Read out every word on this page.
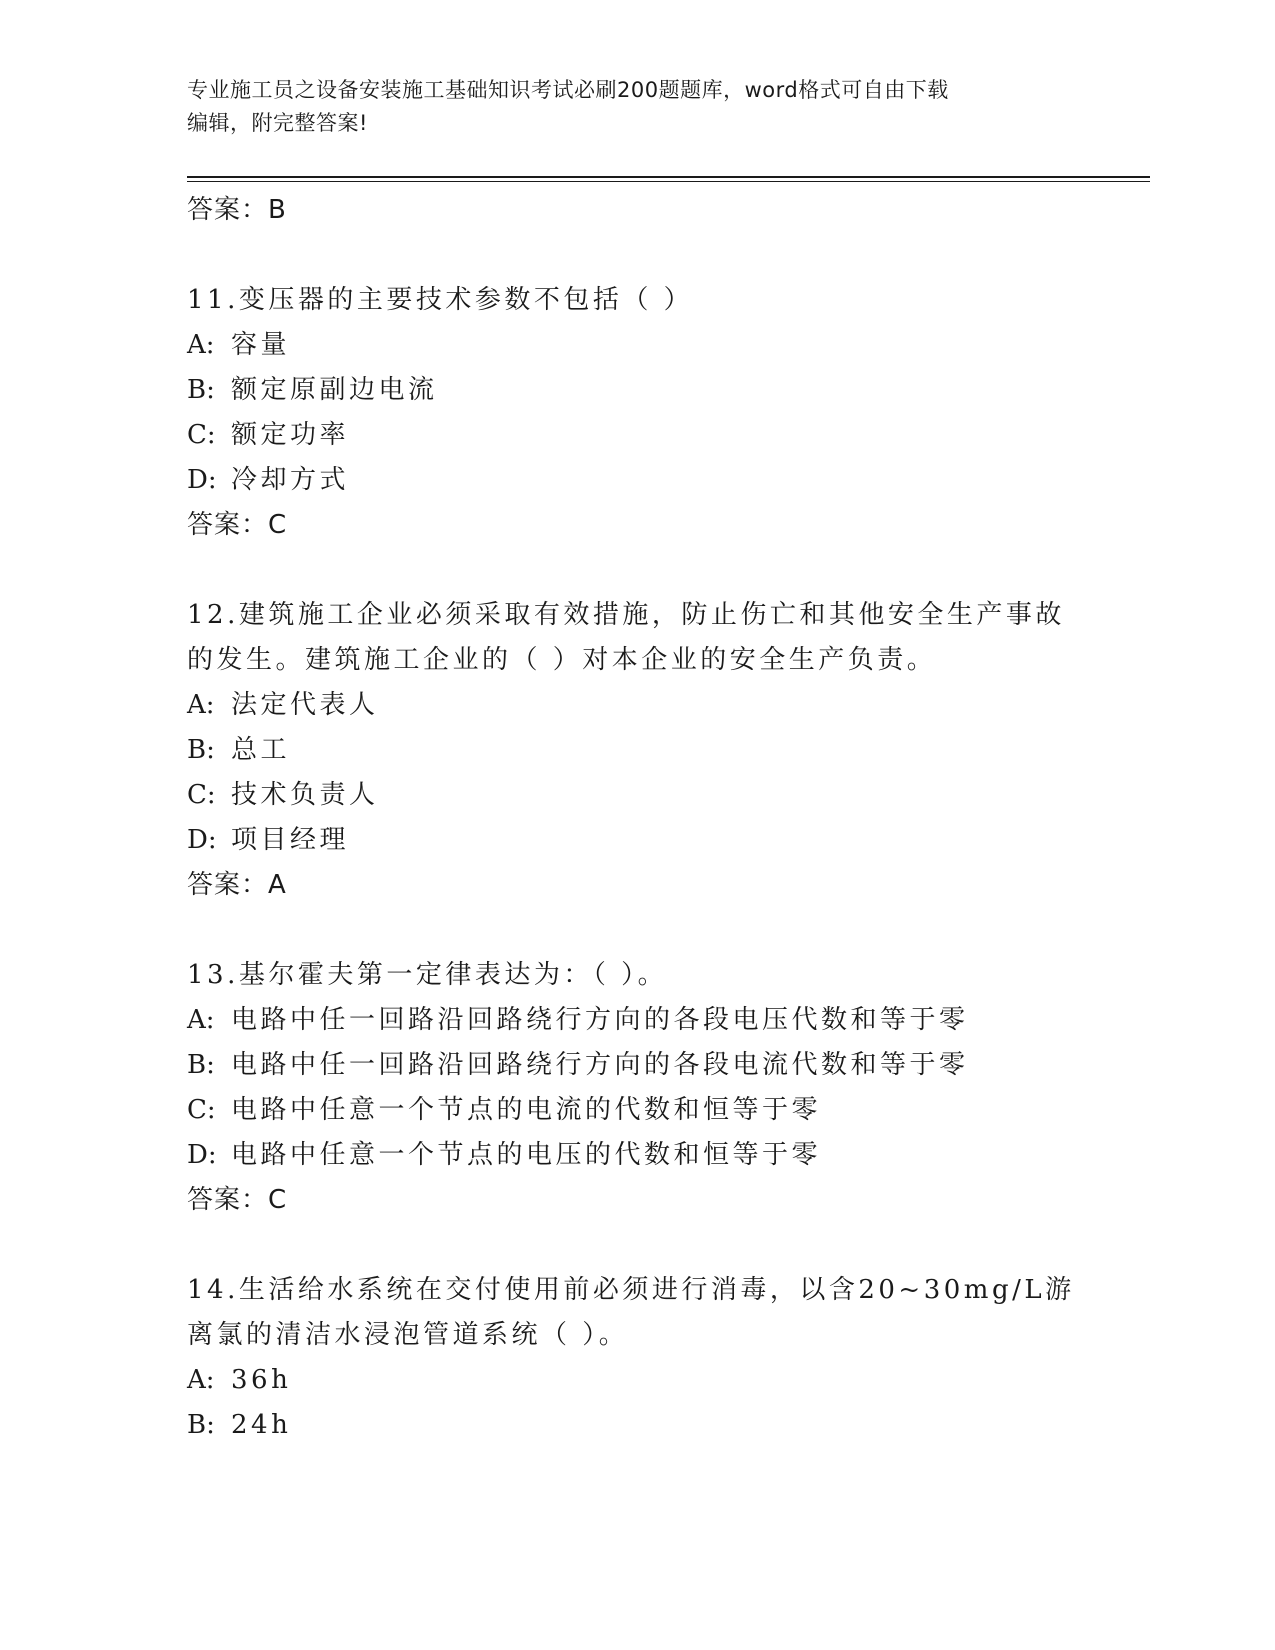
专业施工员之设备安装施工基础知识考试必刷200题题库，word格式可自由下载
编辑，附完整答案!
答案：B
11.变压器的主要技术参数不包括（ ）
A: 容量
B: 额定原副边电流
C: 额定功率
D: 冷却方式
答案：C
12.建筑施工企业必须采取有效措施，防止伤亡和其他安全生产事故的发生。建筑施工企业的（ ）对本企业的安全生产负责。
A: 法定代表人
B: 总工
C: 技术负责人
D: 项目经理
答案：A
13.基尔霍夫第一定律表达为：（ ）。
A: 电路中任一回路沿回路绕行方向的各段电压代数和等于零
B: 电路中任一回路沿回路绕行方向的各段电流代数和等于零
C: 电路中任意一个节点的电流的代数和恒等于零
D: 电路中任意一个节点的电压的代数和恒等于零
答案：C
14.生活给水系统在交付使用前必须进行消毒，以含20~30mg/L游离氯的清洁水浸泡管道系统（ ）。
A: 36h
B: 24h
